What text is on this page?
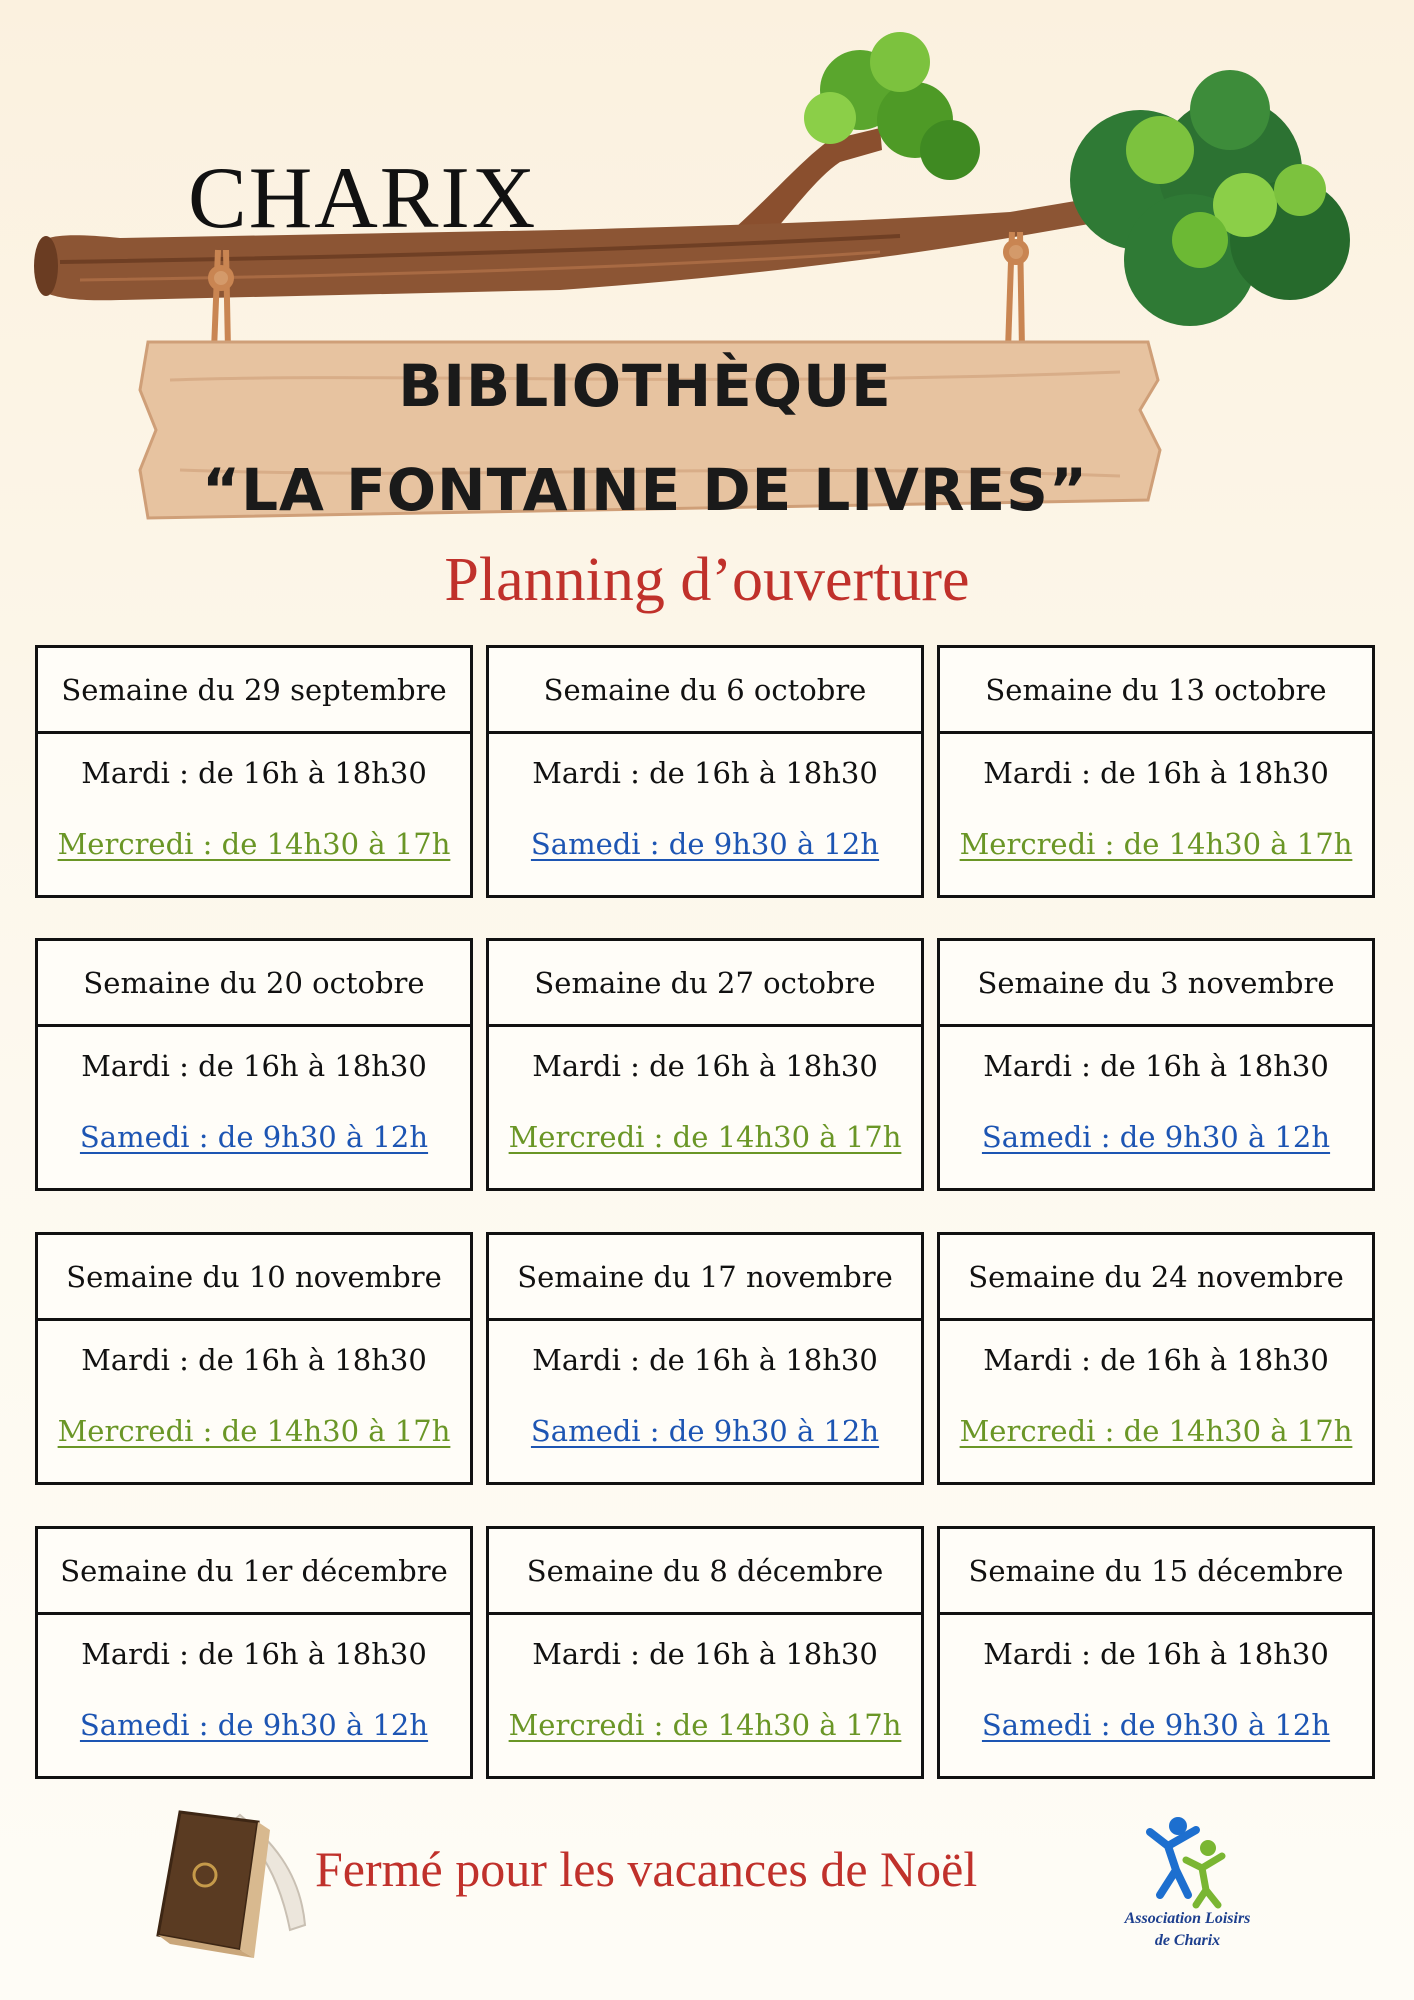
CHARIX
BIBLIOTHÈQUE
“LA FONTAINE DE LIVRES”
Planning d’ouverture
Semaine du 29 septembre
Mardi : de 16h à 18h30
Mercredi : de 14h30 à 17h
Semaine du 6 octobre
Mardi : de 16h à 18h30
Samedi : de 9h30 à 12h
Semaine du 13 octobre
Mardi : de 16h à 18h30
Mercredi : de 14h30 à 17h
Semaine du 20 octobre
Mardi : de 16h à 18h30
Samedi : de 9h30 à 12h
Semaine du 27 octobre
Mardi : de 16h à 18h30
Mercredi : de 14h30 à 17h
Semaine du 3 novembre
Mardi : de 16h à 18h30
Samedi : de 9h30 à 12h
Semaine du 10 novembre
Mardi : de 16h à 18h30
Mercredi : de 14h30 à 17h
Semaine du 17 novembre
Mardi : de 16h à 18h30
Samedi : de 9h30 à 12h
Semaine du 24 novembre
Mardi : de 16h à 18h30
Mercredi : de 14h30 à 17h
Semaine du 1er décembre
Mardi : de 16h à 18h30
Samedi : de 9h30 à 12h
Semaine du 8 décembre
Mardi : de 16h à 18h30
Mercredi : de 14h30 à 17h
Semaine du 15 décembre
Mardi : de 16h à 18h30
Samedi : de 9h30 à 12h
Fermé pour les vacances de Noël
Association Loisirs
de Charix
